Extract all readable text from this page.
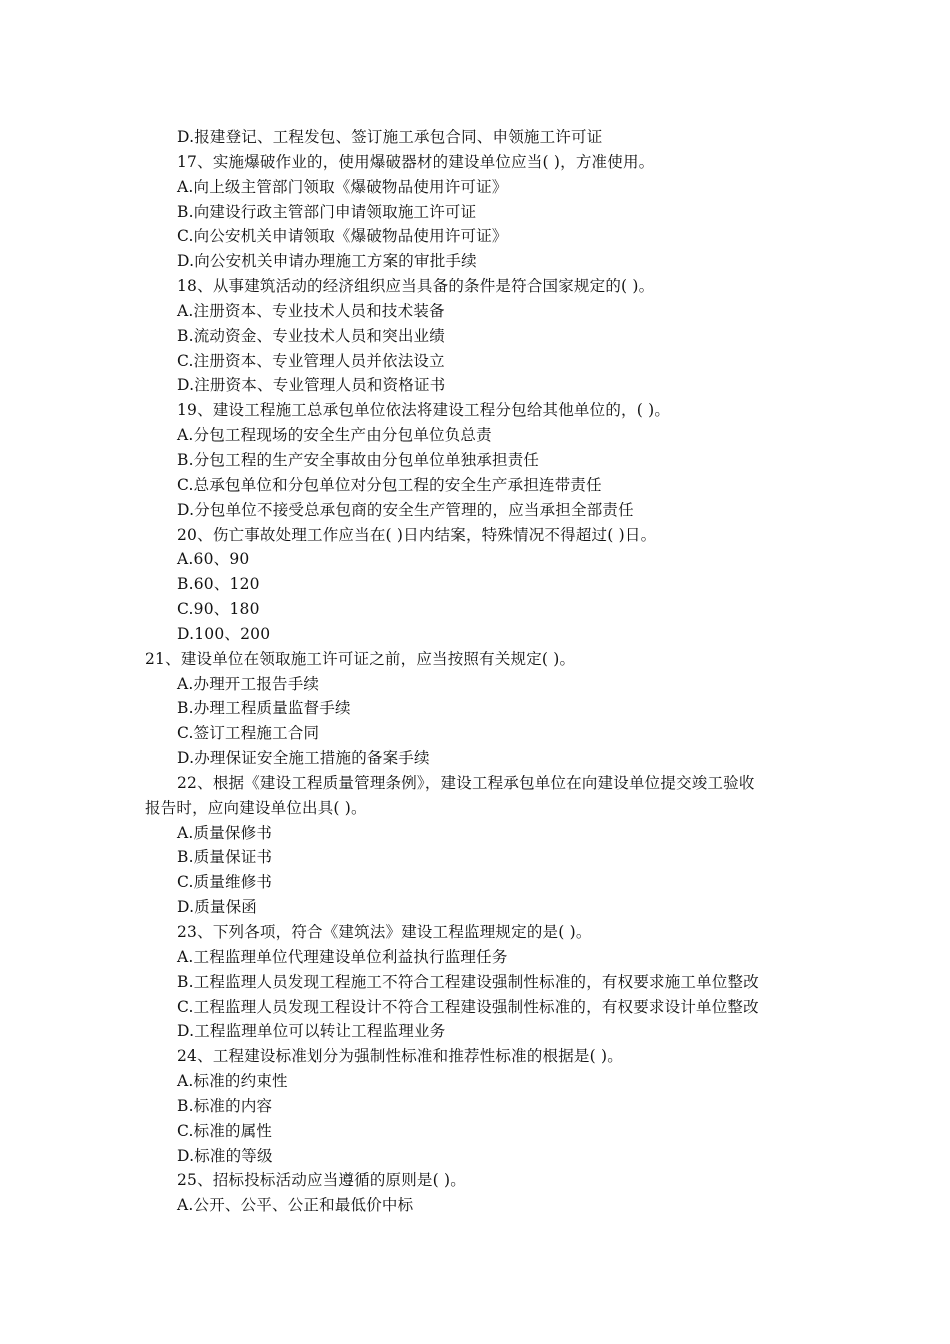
D.报建登记、工程发包、签订施工承包合同、申领施工许可证
17、实施爆破作业的，使用爆破器材的建设单位应当( )，方准使用。
A.向上级主管部门领取《爆破物品使用许可证》
B.向建设行政主管部门申请领取施工许可证
C.向公安机关申请领取《爆破物品使用许可证》
D.向公安机关申请办理施工方案的审批手续
18、从事建筑活动的经济组织应当具备的条件是符合国家规定的( )。
A.注册资本、专业技术人员和技术装备
B.流动资金、专业技术人员和突出业绩
C.注册资本、专业管理人员并依法设立
D.注册资本、专业管理人员和资格证书
19、建设工程施工总承包单位依法将建设工程分包给其他单位的，( )。
A.分包工程现场的安全生产由分包单位负总责
B.分包工程的生产安全事故由分包单位单独承担责任
C.总承包单位和分包单位对分包工程的安全生产承担连带责任
D.分包单位不接受总承包商的安全生产管理的，应当承担全部责任
20、伤亡事故处理工作应当在( )日内结案，特殊情况不得超过( )日。
A.60、90
B.60、120
C.90、180
D.100、200
21、建设单位在领取施工许可证之前，应当按照有关规定( )。
A.办理开工报告手续
B.办理工程质量监督手续
C.签订工程施工合同
D.办理保证安全施工措施的备案手续
22、根据《建设工程质量管理条例》，建设工程承包单位在向建设单位提交竣工验收
报告时，应向建设单位出具( )。
A.质量保修书
B.质量保证书
C.质量维修书
D.质量保函
23、下列各项，符合《建筑法》建设工程监理规定的是( )。
A.工程监理单位代理建设单位利益执行监理任务
B.工程监理人员发现工程施工不符合工程建设强制性标准的，有权要求施工单位整改
C.工程监理人员发现工程设计不符合工程建设强制性标准的，有权要求设计单位整改
D.工程监理单位可以转让工程监理业务
24、工程建设标准划分为强制性标准和推荐性标准的根据是( )。
A.标准的约束性
B.标准的内容
C.标准的属性
D.标准的等级
25、招标投标活动应当遵循的原则是( )。
A.公开、公平、公正和最低价中标
